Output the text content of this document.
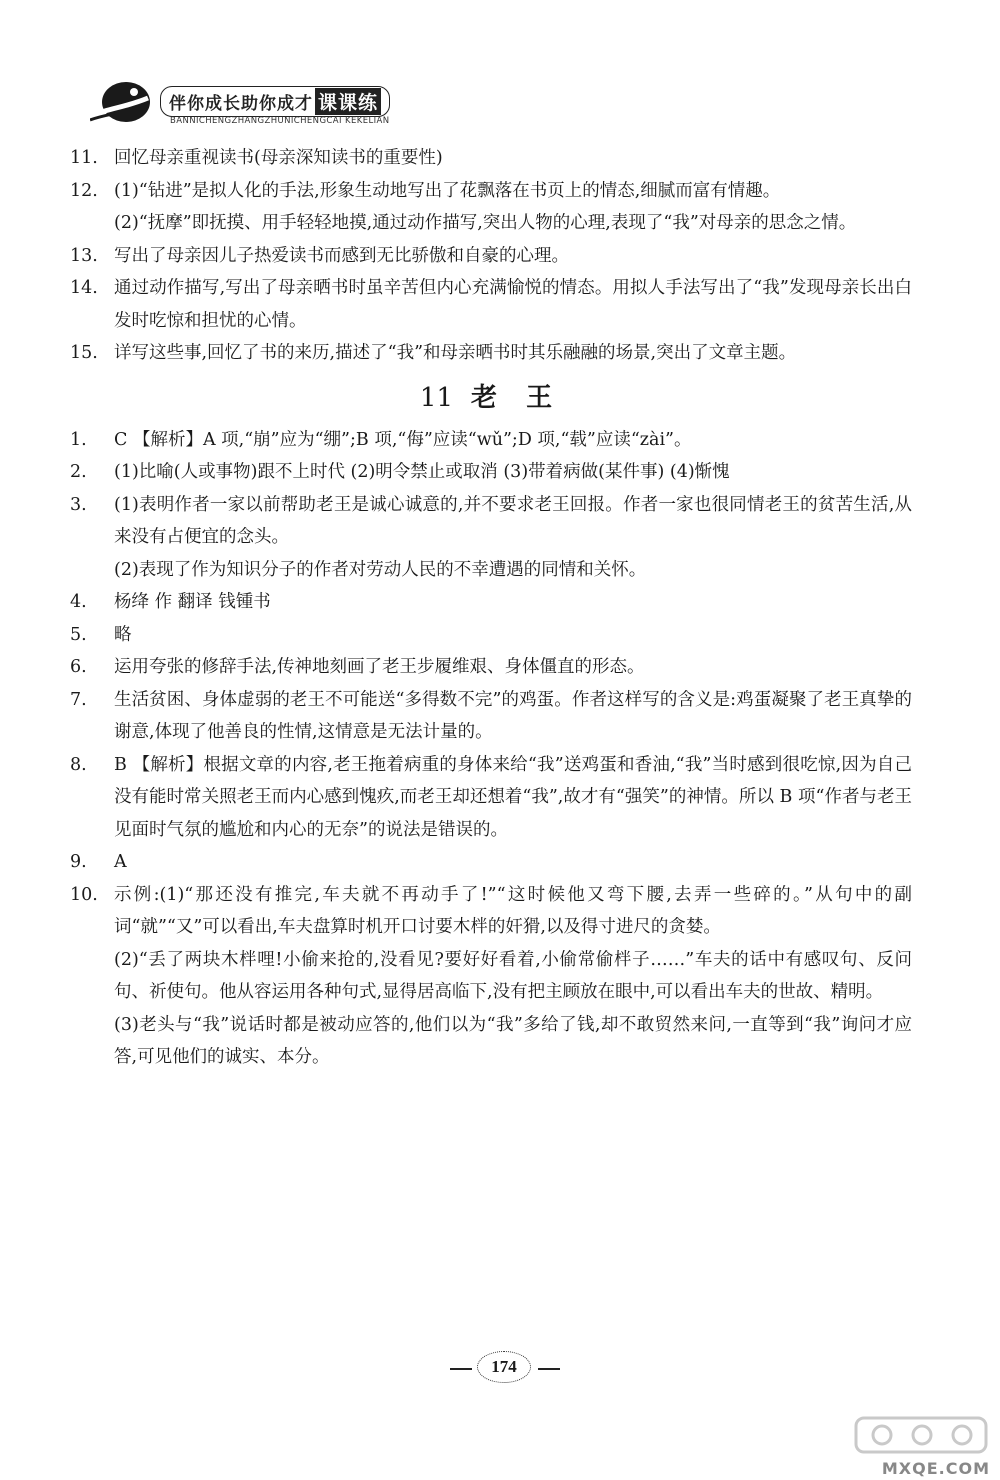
伴你成长助你成才 课课练
BANNICHENGZHANGZHUNICHENGCAI KEKELIAN
11. 回忆母亲重视读书(母亲深知读书的重要性)
12. (1)“钻进”是拟人化的手法,形象生动地写出了花飘落在书页上的情态,细腻而富有情趣。
(2)“抚摩”即抚摸、用手轻轻地摸,通过动作描写,突出人物的心理,表现了“我”对母亲的思念之情。
13. 写出了母亲因儿子热爱读书而感到无比骄傲和自豪的心理。
14. 通过动作描写,写出了母亲晒书时虽辛苦但内心充满愉悦的情态。用拟人手法写出了“我”发现母亲长出白发时吃惊和担忧的心情。
15. 详写这些事,回忆了书的来历,描述了“我”和母亲晒书时其乐融融的场景,突出了文章主题。
11 老 王
1. C 【解析】A 项,“崩”应为“绷”;B 项,“侮”应读“wǔ”;D 项,“载”应读“zài”。
2. (1)比喻(人或事物)跟不上时代 (2)明令禁止或取消 (3)带着病做(某件事) (4)惭愧
3. (1)表明作者一家以前帮助老王是诚心诚意的,并不要求老王回报。作者一家也很同情老王的贫苦生活,从来没有占便宜的念头。
(2)表现了作为知识分子的作者对劳动人民的不幸遭遇的同情和关怀。
4. 杨绛 作 翻译 钱锺书
5. 略
6. 运用夸张的修辞手法,传神地刻画了老王步履维艰、身体僵直的形态。
7. 生活贫困、身体虚弱的老王不可能送“多得数不完”的鸡蛋。作者这样写的含义是:鸡蛋凝聚了老王真挚的谢意,体现了他善良的性情,这情意是无法计量的。
8. B 【解析】根据文章的内容,老王拖着病重的身体来给“我”送鸡蛋和香油,“我”当时感到很吃惊,因为自己没有能时常关照老王而内心感到愧疚,而老王却还想着“我”,故才有“强笑”的神情。所以 B 项“作者与老王见面时气氛的尴尬和内心的无奈”的说法是错误的。
9. A
10. 示例:(1)“那还没有推完,车夫就不再动手了!”“这时候他又弯下腰,去弄一些碎的。”从句中的副词“就”“又”可以看出,车夫盘算时机开口讨要木柈的奸猾,以及得寸进尺的贪婪。
(2)“丢了两块木柈哩!小偷来抢的,没看见?要好好看着,小偷常偷柈子……”车夫的话中有感叹句、反问句、祈使句。他从容运用各种句式,显得居高临下,没有把主顾放在眼中,可以看出车夫的世故、精明。
(3)老头与“我”说话时都是被动应答的,他们以为“我”多给了钱,却不敢贸然来问,一直等到“我”询问才应答,可见他们的诚实、本分。
174
MXQE.COM
